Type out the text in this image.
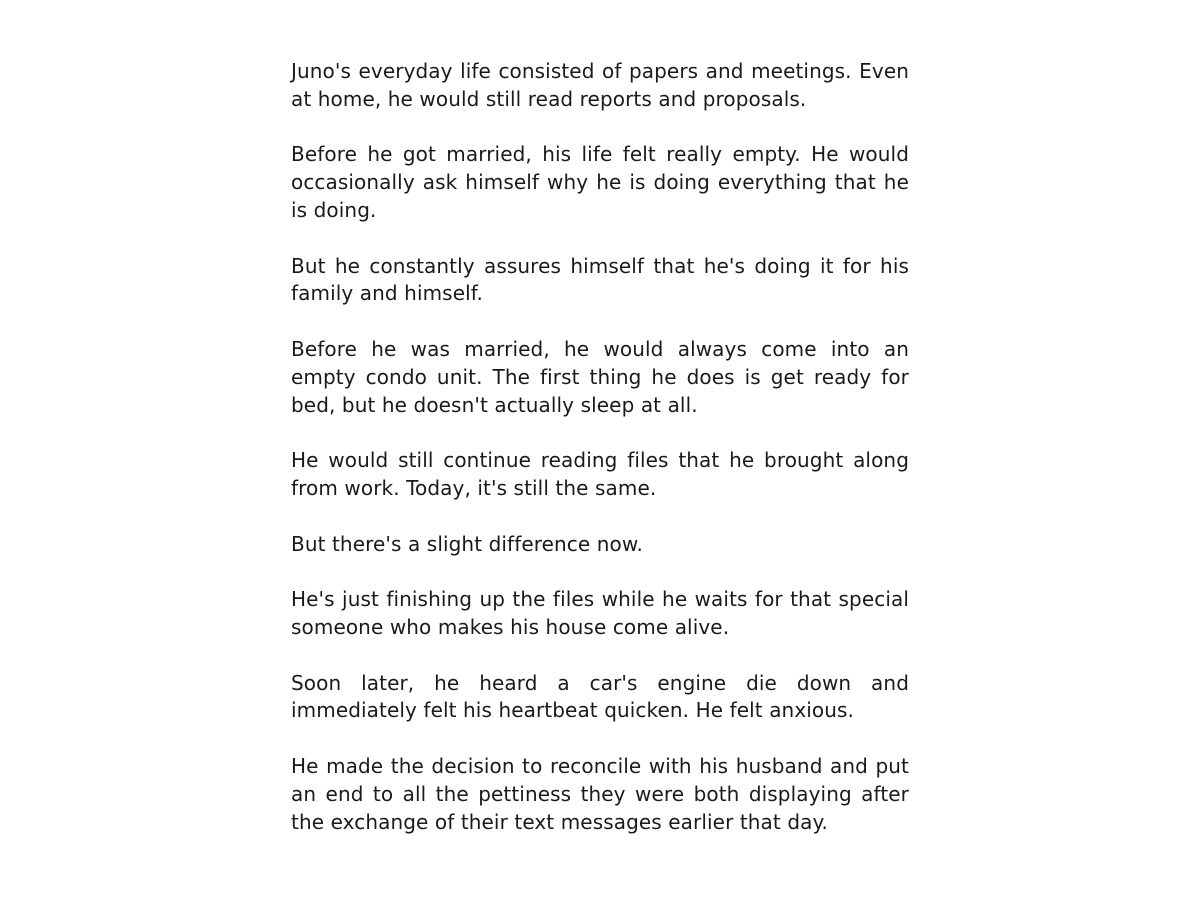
Juno's everyday life consisted of papers and meetings. Even at home, he would still read reports and proposals.

Before he got married, his life felt really empty. He would occasionally ask himself why he is doing everything that he is doing.

But he constantly assures himself that he's doing it for his family and himself.

Before he was married, he would always come into an empty condo unit. The first thing he does is get ready for bed, but he doesn't actually sleep at all.

He would still continue reading files that he brought along from work. Today, it's still the same.

But there's a slight difference now.

He's just finishing up the files while he waits for that special someone who makes his house come alive.

Soon later, he heard a car's engine die down and immediately felt his heartbeat quicken. He felt anxious.

He made the decision to reconcile with his husband and put an end to all the pettiness they were both displaying after the exchange of their text messages earlier that day.
